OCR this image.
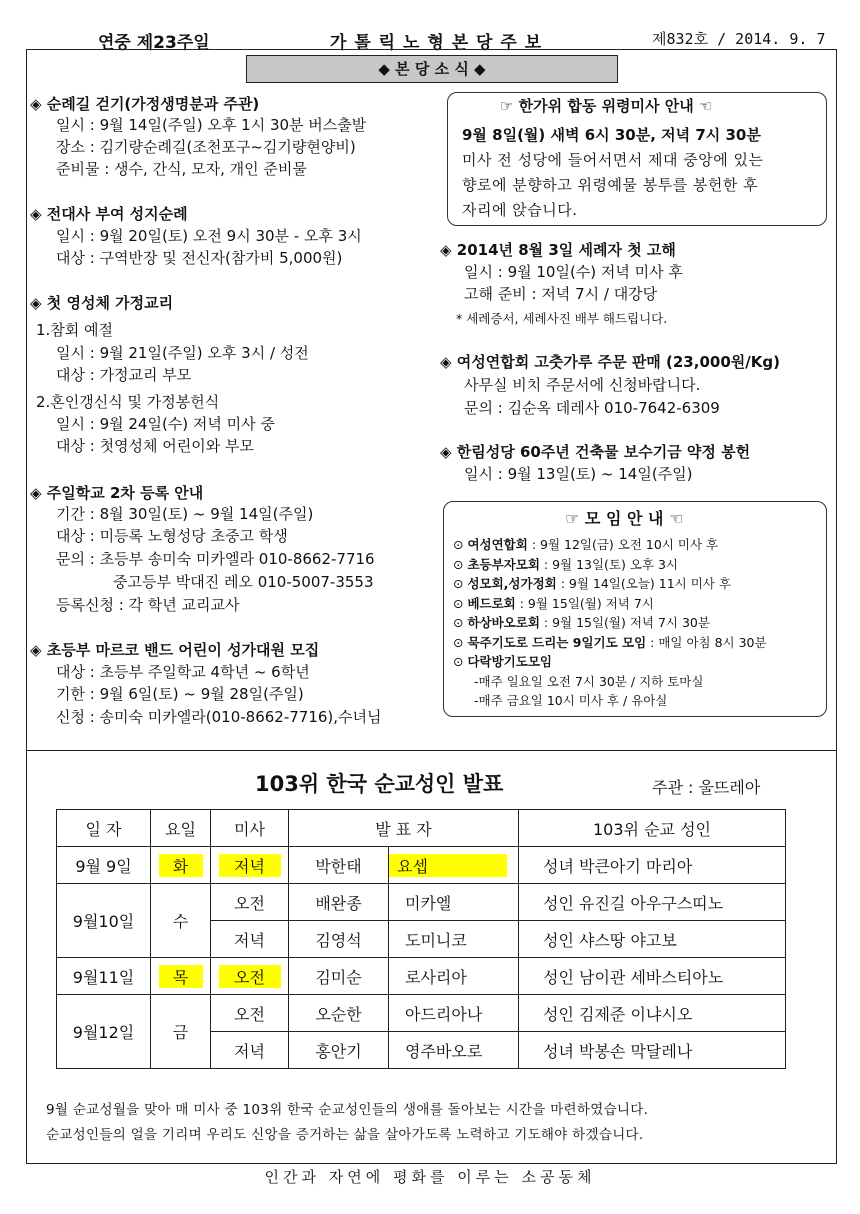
연중 제23주일	가 톨 릭 노 형 본 당 주 보	제832호 / 2014. 9. 7
◆ 본 당 소 식 ◆
◈ 순례길 걷기(가정생명분과 주관)
일시 : 9월 14일(주일) 오후 1시 30분 버스출발
장소 : 김기량순례길(조천포구~김기량현양비)
준비물 : 생수, 간식, 모자, 개인 준비물
◈ 전대사 부여 성지순례
일시 : 9월 20일(토) 오전 9시 30분 - 오후 3시
대상 : 구역반장 및 전신자(참가비 5,000원)
◈ 첫 영성체 가정교리
1.참회 예절
일시 : 9월 21일(주일) 오후 3시 / 성전
대상 : 가정교리 부모
2.혼인갱신식 및 가정봉헌식
일시 : 9월 24일(수) 저녁 미사 중
대상 : 첫영성체 어린이와 부모
◈ 주일학교 2차 등록 안내
기간 : 8월 30일(토) ~ 9월 14일(주일)
대상 : 미등록 노형성당 초중고 학생
문의 : 초등부 송미숙 미카엘라 010-8662-7716
중고등부 박대진 레오 010-5007-3553
등록신청 : 각 학년 교리교사
◈ 초등부 마르코 밴드 어린이 성가대원 모집
대상 : 초등부 주일학교 4학년 ~ 6학년
기한 : 9월 6일(토) ~ 9월 28일(주일)
신청 : 송미숙 미카엘라(010-8662-7716),수녀님
☞ 한가위 합동 위령미사 안내 ☜
9월 8일(월) 새벽 6시 30분, 저녁 7시 30분
미사 전 성당에 들어서면서 제대 중앙에 있는
향로에 분향하고 위령예물 봉투를 봉헌한 후
자리에 앉습니다.
◈ 2014년 8월 3일 세례자 첫 고해
일시 : 9월 10일(수) 저녁 미사 후
고해 준비 : 저녁 7시 / 대강당
* 세례증서, 세례사진 배부 해드립니다.
◈ 여성연합회 고춧가루 주문 판매 (23,000원/Kg)
사무실 비치 주문서에 신청바랍니다.
문의 : 김순옥 데레사 010-7642-6309
◈ 한림성당 60주년 건축물 보수기금 약정 봉헌
일시 : 9월 13일(토) ~ 14일(주일)
☞ 모 임 안 내 ☜
103위 한국 순교성인 발표	주관 : 울뜨레아
일 자	요일	미사	발 표 자		103위 순교 성인
9월 9일	화	저녁	박한태	요셉	성녀 박큰아기 마리아
9월10일	수	오전	배완종	미카엘	성인 유진길 아우구스띠노
		저녁	김영석	도미니코	성인 샤스땅 야고보
9월11일	목	오전	김미순	로사리아	성인 남이관 세바스티아노
9월12일	금	오전	오순한	아드리아나	성인 김제준 이냐시오
		저녁	홍안기	영주바오로	성녀 박봉손 막달레나
9월 순교성월을 맞아 매 미사 중 103위 한국 순교성인들의 생애를 돌아보는 시간을 마련하였습니다.
순교성인들의 얼을 기리며 우리도 신앙을 증거하는 삶을 살아가도록 노력하고 기도해야 하겠습니다.
인간과 자연에 평화를 이루는 소공동체
⊙ 여성연합회 : 9월 12일(금) 오전 10시 미사 후
⊙ 초등부자모회 : 9월 13일(토) 오후 3시
⊙ 성모회,성가정회 : 9월 14일(오늘) 11시 미사 후
⊙ 베드로회 : 9월 15일(월) 저녁 7시
⊙ 하상바오로회 : 9월 15일(월) 저녁 7시 30분
⊙ 묵주기도로 드리는 9일기도 모임 : 매일 아침 8시 30분
⊙ 다락방기도모임
-매주 일요일 오전 7시 30분 / 지하 토마실
-매주 금요일 10시 미사 후 / 유아실
